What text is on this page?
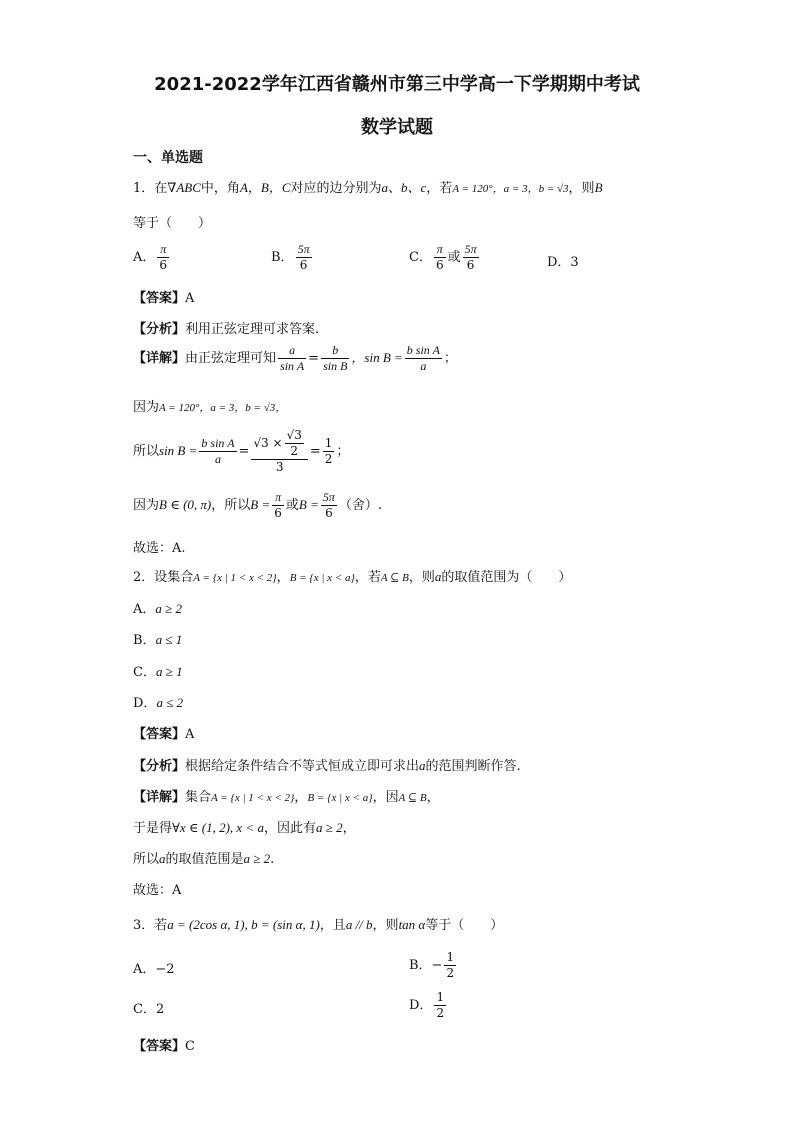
2021-2022学年江西省赣州市第三中学高一下学期期中考试
数学试题
一、单选题
1．在∇ABC中，角A，B，C对应的边分别为a、b、c，若A = 120°，a = 3，b = √3，则B
等于（　　）
A． $\frac{\pi}{6}$	B． $\frac{5\pi}{6}$	C． $\frac{\pi}{6}$ 或 $\frac{5\pi}{6}$	D．3
【答案】A
【分析】利用正弦定理可求答案.
【详解】由正弦定理可知 $\frac{a}{\text{sin A}} = \frac{b}{\text{sin B}}$ ，$\sin B = \frac{\text{b sin A}}{a}$ ；
因为A = 120°，a = 3，b = √3，
所以$\sin B = \frac{\text{b sin A}}{a} = \frac{√3 \times \frac{√3}{2}}{3} = \frac{1}{2}$ ；
因为B ∈ (0, π)，所以$B = \frac{\pi}{6}$ 或$B = \frac{5\pi}{6}$ （舍）.
故选：A.
2．设集合A = {x | 1 < x < 2}，B = {x | x < a}，若A ⊆ B，则a的取值范围为（　　）
A．a ≥ 2
B．a ≤ 1
C．a ≥ 1
D．a ≤ 2
【答案】A
【分析】根据给定条件结合不等式恒成立即可求出a的范围判断作答.
【详解】集合A = {x | 1 < x < 2}，B = {x | x < a}，因A ⊆ B，
于是得∀x ∈ (1, 2), x < a，因此有a ≥ 2，
所以a的取值范围是a ≥ 2.
故选：A
3．若a = (2cos α, 1), b = (sin α, 1)，且a // b，则tan α等于（　　）
A．−2	B．− $\frac{1}{2}$
C．2	D． $\frac{1}{2}$
【答案】C
